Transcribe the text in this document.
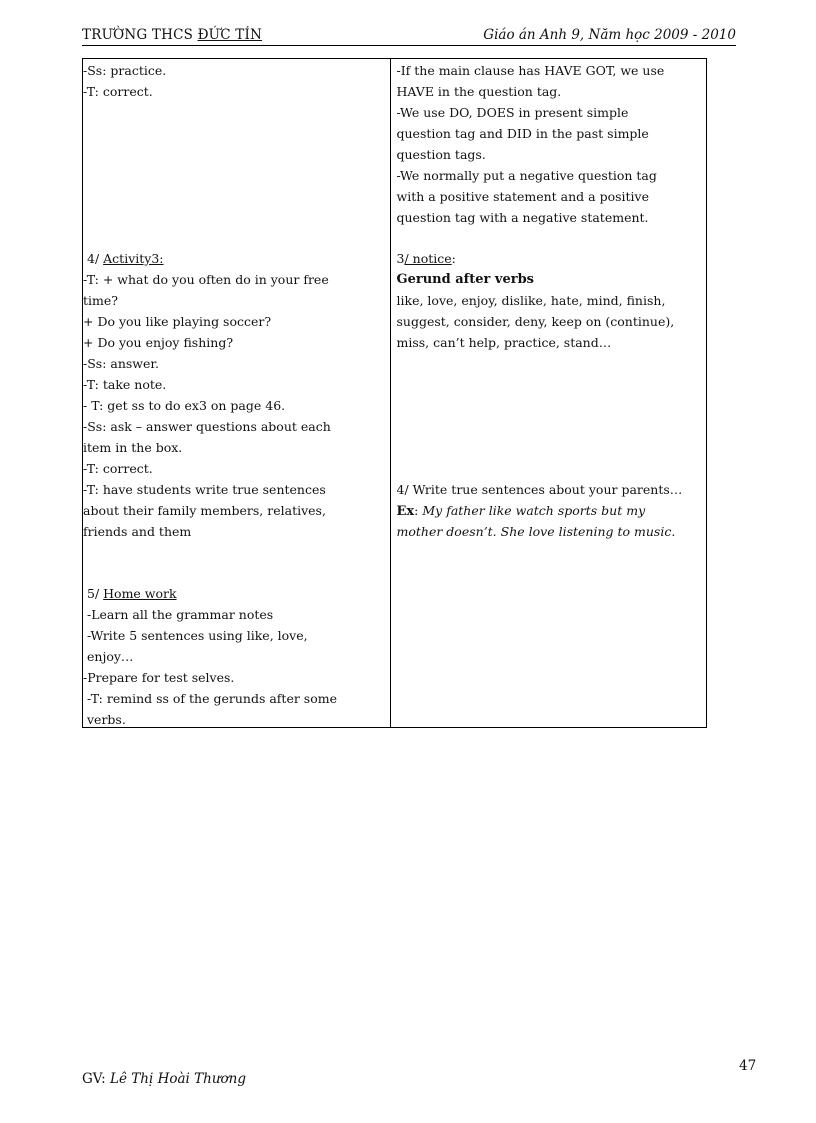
TRƯỜNG THCS ĐỨC TÍN	Giáo án Anh 9, Năm học 2009 - 2010
-Ss: practice.
-T: correct.
4/ Activity3:
-T: + what do you often do in your free
time?
+ Do you like playing soccer?
+ Do you enjoy fishing?
-Ss: answer.
-T: take note.
- T: get ss to do ex3 on page 46.
-Ss: ask – answer questions about each
item in the box.
-T: correct.
-T: have students write true sentences
about their family members, relatives,
friends and them
5/ Home work
-Learn all the grammar notes
-Write 5 sentences using like, love,
enjoy…
-Prepare for test selves.
-T: remind ss of the gerunds after some
verbs.

-If the main clause has HAVE GOT, we use
HAVE in the question tag.
-We use DO, DOES in present simple
question tag and DID in the past simple
question tags.
-We normally put a negative question tag
with a positive statement and a positive
question tag with a negative statement.
3/ notice:
Gerund after verbs
like, love, enjoy, dislike, hate, mind, finish,
suggest, consider, deny, keep on (continue),
miss, can’t help, practice, stand…
4/ Write true sentences about your parents…
Ex: My father like watch sports but my
mother doesn’t. She love listening to music.
47
GV: Lê Thị Hoài Thương
